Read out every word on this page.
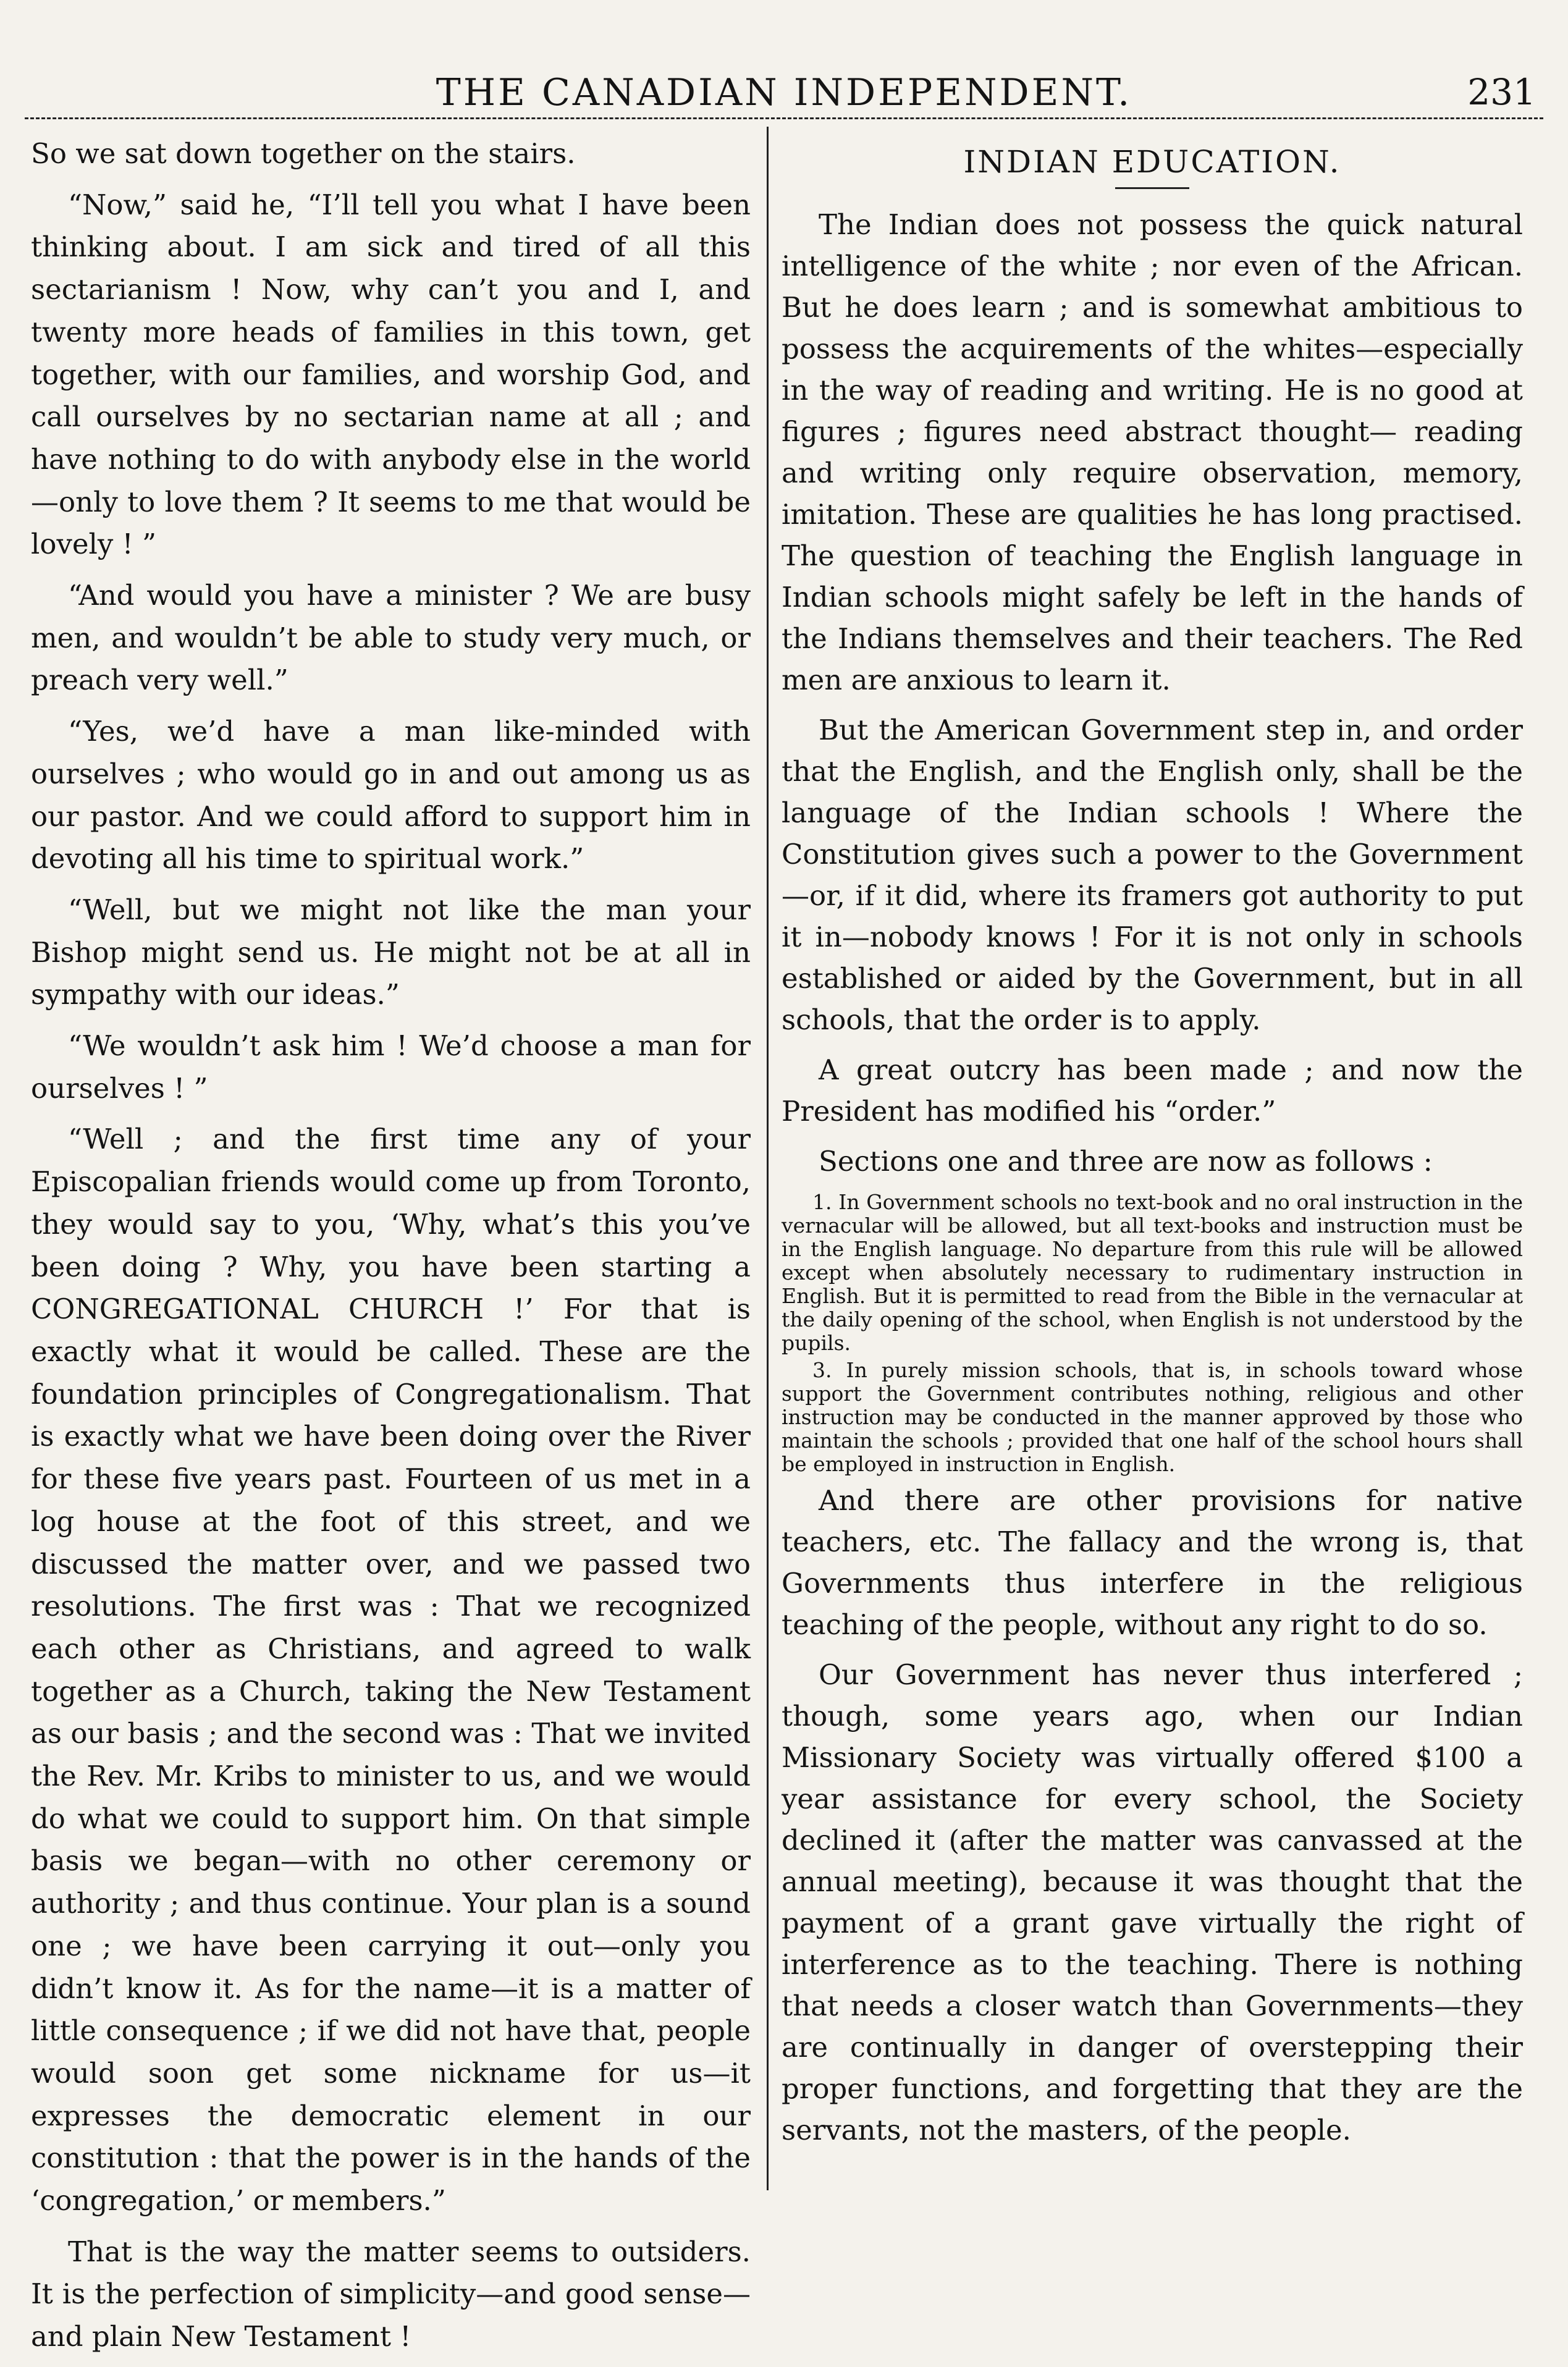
THE CANADIAN INDEPENDENT.	231

So we sat down together on the stairs.

“Now,” said he, “I’ll tell you what I have been thinking about. I am sick and tired of all this sectarianism ! Now, why can’t you and I, and twenty more heads of families in this town, get together, with our families, and worship God, and call ourselves by no sectarian name at all ; and have nothing to do with anybody else in the world—only to love them ? It seems to me that would be lovely ! ”

“And would you have a minister ? We are busy men, and wouldn’t be able to study very much, or preach very well.”

“Yes, we’d have a man like-minded with ourselves ; who would go in and out among us as our pastor. And we could afford to support him in devoting all his time to spiritual work.”

“Well, but we might not like the man your Bishop might send us. He might not be at all in sympathy with our ideas.”

“We wouldn’t ask him ! We’d choose a man for ourselves ! ”

“Well ; and the first time any of your Episcopalian friends would come up from Toronto, they would say to you, ‘Why, what’s this you’ve been doing ? Why, you have been starting a CONGREGATIONAL CHURCH !’ For that is exactly what it would be called. These are the foundation principles of Congregationalism. That is exactly what we have been doing over the River for these five years past. Fourteen of us met in a log house at the foot of this street, and we discussed the matter over, and we passed two resolutions. The first was : That we recognized each other as Christians, and agreed to walk together as a Church, taking the New Testament as our basis ; and the second was : That we invited the Rev. Mr. Kribs to minister to us, and we would do what we could to support him. On that simple basis we began—with no other ceremony or authority ; and thus continue. Your plan is a sound one ; we have been carrying it out—only you didn’t know it. As for the name—it is a matter of little consequence ; if we did not have that, people would soon get some nickname for us—it expresses the democratic element in our constitution : that the power is in the hands of the ‘congregation,’ or members.”

That is the way the matter seems to outsiders. It is the perfection of simplicity—and good sense—and plain New Testament !

INDIAN EDUCATION.

The Indian does not possess the quick natural intelligence of the white ; nor even of the African. But he does learn ; and is somewhat ambitious to possess the acquirements of the whites—especially in the way of reading and writing. He is no good at figures ; figures need abstract thought— reading and writing only require observation, memory, imitation. These are qualities he has long practised. The question of teaching the English language in Indian schools might safely be left in the hands of the Indians themselves and their teachers. The Red men are anxious to learn it.

But the American Government step in, and order that the English, and the English only, shall be the language of the Indian schools ! Where the Constitution gives such a power to the Government—or, if it did, where its framers got authority to put it in—nobody knows ! For it is not only in schools established or aided by the Government, but in all schools, that the order is to apply.

A great outcry has been made ; and now the President has modified his “order.”

Sections one and three are now as follows :

1. In Government schools no text-book and no oral instruction in the vernacular will be allowed, but all text-books and instruction must be in the English language. No departure from this rule will be allowed except when absolutely necessary to rudimentary instruction in English. But it is permitted to read from the Bible in the vernacular at the daily opening of the school, when English is not understood by the pupils.

3. In purely mission schools, that is, in schools toward whose support the Government contributes nothing, religious and other instruction may be conducted in the manner approved by those who maintain the schools ; provided that one half of the school hours shall be employed in instruction in English.

And there are other provisions for native teachers, etc. The fallacy and the wrong is, that Governments thus interfere in the religious teaching of the people, without any right to do so.

Our Government has never thus interfered ; though, some years ago, when our Indian Missionary Society was virtually offered $100 a year assistance for every school, the Society declined it (after the matter was canvassed at the annual meeting), because it was thought that the payment of a grant gave virtually the right of interference as to the teaching. There is nothing that needs a closer watch than Governments—they are continually in danger of overstepping their proper functions, and forgetting that they are the servants, not the masters, of the people.
